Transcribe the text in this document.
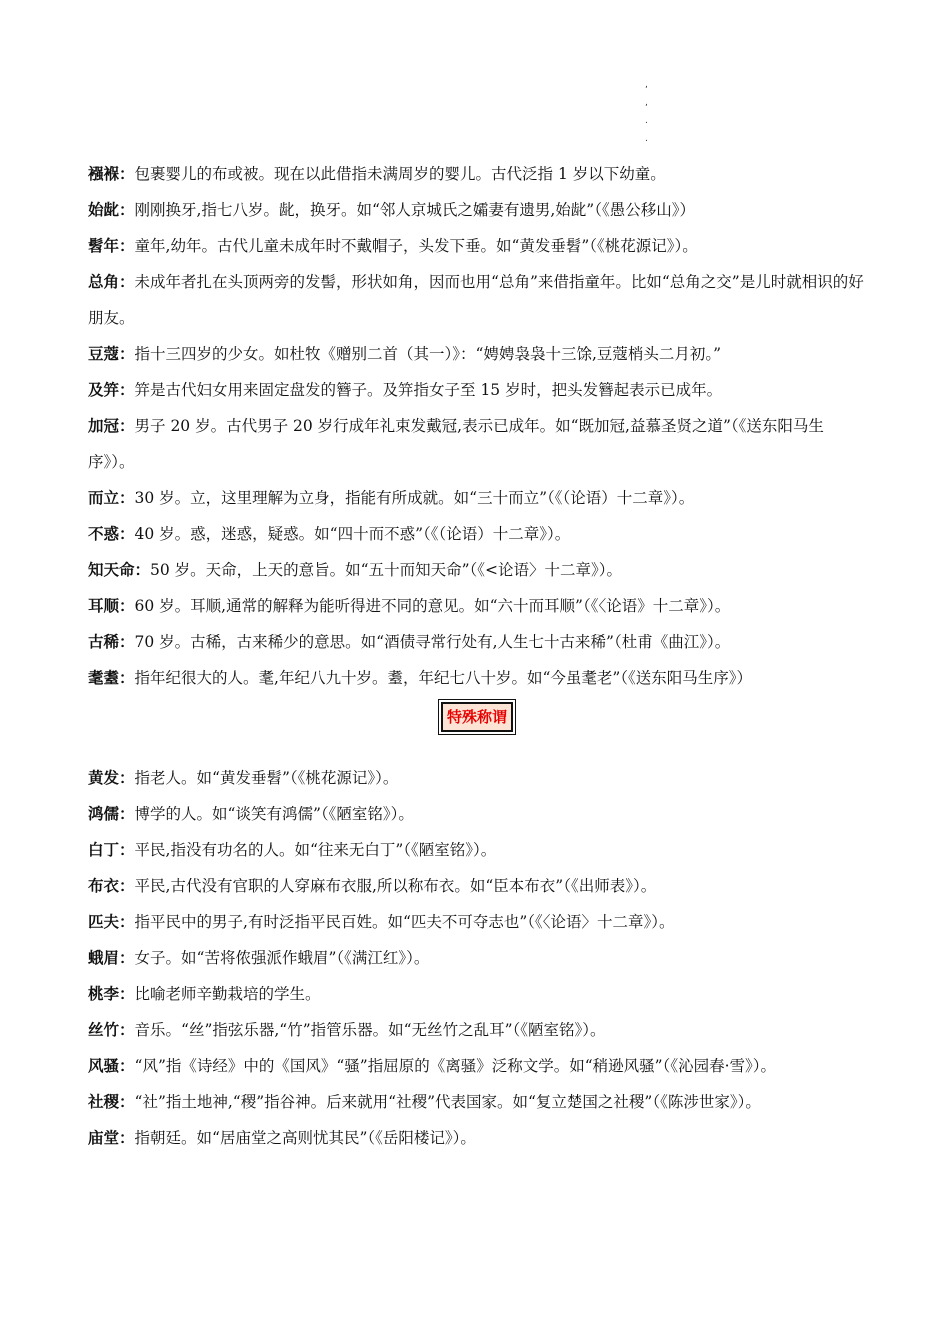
,
,
.
.

襁褓：包裹婴儿的布或被。现在以此借指未满周岁的婴儿。古代泛指 1 岁以下幼童。

始龀：刚刚换牙,指七八岁。龀，换牙。如“邻人京城氏之孀妻有遗男,始龀”（《愚公移山》）

髫年：童年,幼年。古代儿童未成年时不戴帽子，头发下垂。如“黄发垂髫”（《桃花源记》）。

总角：未成年者扎在头顶两旁的发髻，形状如角，因而也用“总角”来借指童年。比如“总角之交”是儿时就相识的好朋友。

豆蔻：指十三四岁的少女。如杜牧《赠别二首（其一）》：“娉娉袅袅十三馀,豆蔻梢头二月初。”

及笄：笄是古代妇女用来固定盘发的簪子。及笄指女子至 15 岁时，把头发簪起表示已成年。

加冠：男子 20 岁。古代男子 20 岁行成年礼束发戴冠,表示已成年。如“既加冠,益慕圣贤之道”（《送东阳马生序》）。

而立：30 岁。立，这里理解为立身，指能有所成就。如“三十而立”（《（论语）十二章》）。

不惑：40 岁。惑，迷惑，疑惑。如“四十而不惑”（《（论语）十二章》）。

知天命：50 岁。天命，上天的意旨。如“五十而知天命”（《<论语〉十二章》）。

耳顺：60 岁。耳顺,通常的解释为能听得进不同的意见。如“六十而耳顺”（《〈论语》十二章》）。

古稀：70 岁。古稀，古来稀少的意思。如“酒债寻常行处有,人生七十古来稀”（杜甫《曲江》）。

耄耋：指年纪很大的人。耄,年纪八九十岁。耋，年纪七八十岁。如“今虽耄老”（《送东阳马生序》）

特殊称谓

黄发：指老人。如“黄发垂髫”（《桃花源记》）。

鸿儒：博学的人。如“谈笑有鸿儒”（《陋室铭》）。

白丁：平民,指没有功名的人。如“往来无白丁”（《陋室铭》）。

布衣：平民,古代没有官职的人穿麻布衣服,所以称布衣。如“臣本布衣”（《出师表》）。

匹夫：指平民中的男子,有时泛指平民百姓。如“匹夫不可夺志也”（《〈论语〉十二章》）。

蛾眉：女子。如“苦将侬强派作蛾眉”（《满江红》）。

桃李：比喻老师辛勤栽培的学生。

丝竹：音乐。“丝”指弦乐器,“竹”指管乐器。如“无丝竹之乱耳”（《陋室铭》）。

风骚：“风”指《诗经》中的《国风》“骚”指屈原的《离骚》泛称文学。如“稍逊风骚”（《沁园春·雪》）。

社稷：“社”指土地神,“稷”指谷神。后来就用“社稷”代表国家。如“复立楚国之社稷”（《陈涉世家》）。

庙堂：指朝廷。如“居庙堂之高则忧其民”（《岳阳楼记》）。
